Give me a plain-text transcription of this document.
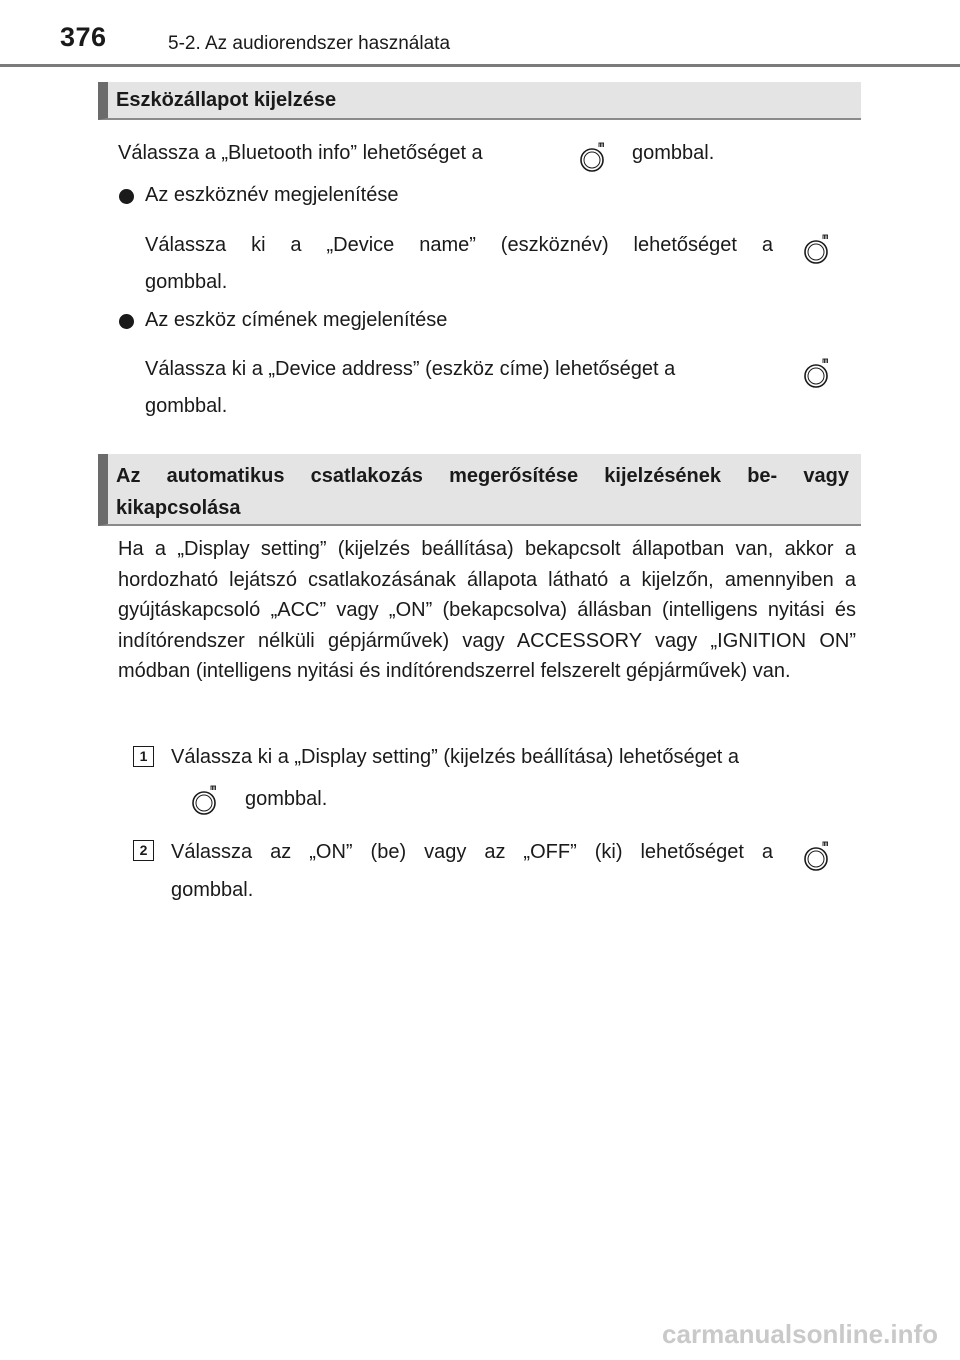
376	5-2. Az audiorendszer használata
Eszközállapot kijelzése
Válassza a „Bluetooth info” lehetőséget a	gombbal.
Az eszköznév megjelenítése
Válassza ki a „Device name” (eszköznév) lehetőséget a
gombbal.
Az eszköz címének megjelenítése
Válassza ki a „Device address” (eszköz címe) lehetőséget a
gombbal.
Az automatikus csatlakozás megerősítése kijelzésének be- vagy kikapcsolása
Ha a „Display setting” (kijelzés beállítása) bekapcsolt állapotban van, akkor a hordozható lejátszó csatlakozásának állapota látható a kijelzőn, amennyiben a gyújtáskapcsoló „ACC” vagy „ON” (bekapcsolva) állásban (intelligens nyitási és indítórendszer nélküli gépjárművek) vagy ACCESSORY vagy „IGNITION ON” módban (intelligens nyitási és indítórendszerrel felszerelt gépjárművek) van.
1	Válassza ki a „Display setting” (kijelzés beállítása) lehetőséget a
gombbal.
2	Válassza az „ON” (be) vagy az „OFF” (ki) lehetőséget a
gombbal.
carmanualsonline.info
